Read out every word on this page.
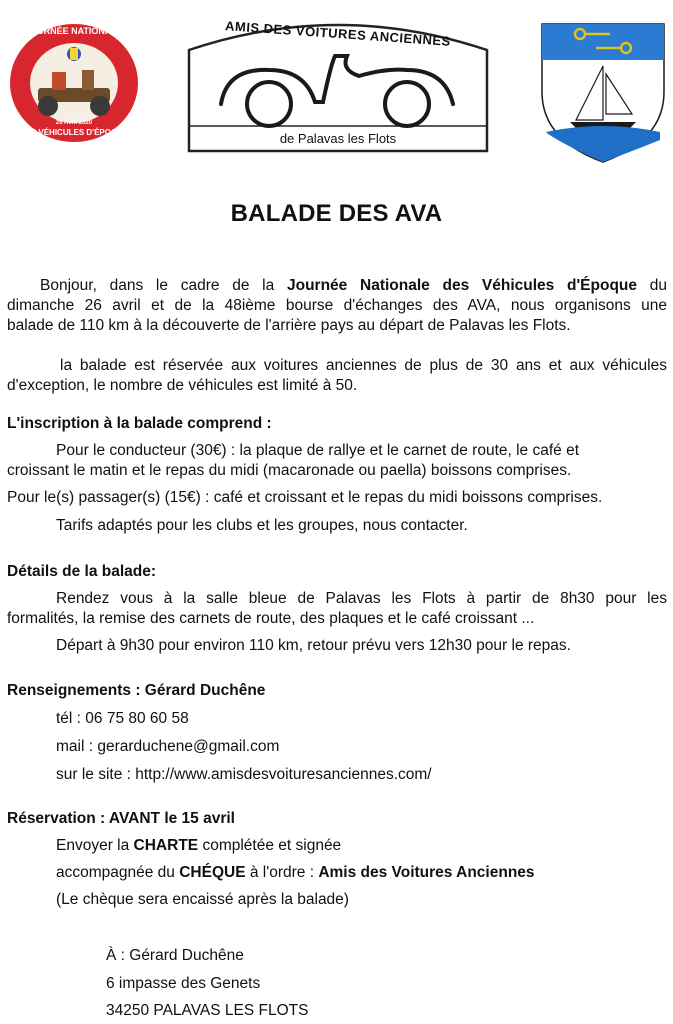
JOURNÉE NATIONALE
26 Avril 2020
DES VÉHICULES D'ÉPOQUE
AMIS DES VOITURES ANCIENNES
de Palavas les Flots
BALADE DES AVA
Bonjour, dans le cadre de la Journée Nationale des Véhicules d'Époque du
dimanche 26 avril et de la 48ième bourse d'échanges des AVA, nous organisons une
balade de 110 km à la découverte de l'arrière pays au départ de Palavas les Flots.
la balade est réservée aux voitures anciennes de plus de 30 ans et aux véhicules
d'exception, le nombre de véhicules est limité à 50.
L'inscription à la balade comprend :
Pour le conducteur (30€) : la plaque de rallye et le carnet de route, le café et
croissant le matin et le repas du midi (macaronade ou paella) boissons comprises.
Pour le(s) passager(s) (15€) : café et croissant et le repas du midi boissons comprises.
Tarifs adaptés pour les clubs et les groupes, nous contacter.
Détails de la balade:
Rendez vous à la salle bleue de Palavas les Flots à partir de 8h30 pour les
formalités, la remise des carnets de route, des plaques et le café croissant ...
Départ à 9h30 pour environ 110 km, retour prévu vers 12h30 pour le repas.
Renseignements : Gérard Duchêne
tél : 06 75 80 60 58
mail : gerarduchene@gmail.com
sur le site : http://www.amisdesvoituresanciennes.com/
Réservation : AVANT le 15 avril
Envoyer la CHARTE complétée et signée
accompagnée du CHÉQUE à l'ordre : Amis des Voitures Anciennes
(Le chèque sera encaissé après la balade)
À : Gérard Duchêne
6 impasse des Genets
34250 PALAVAS LES FLOTS
